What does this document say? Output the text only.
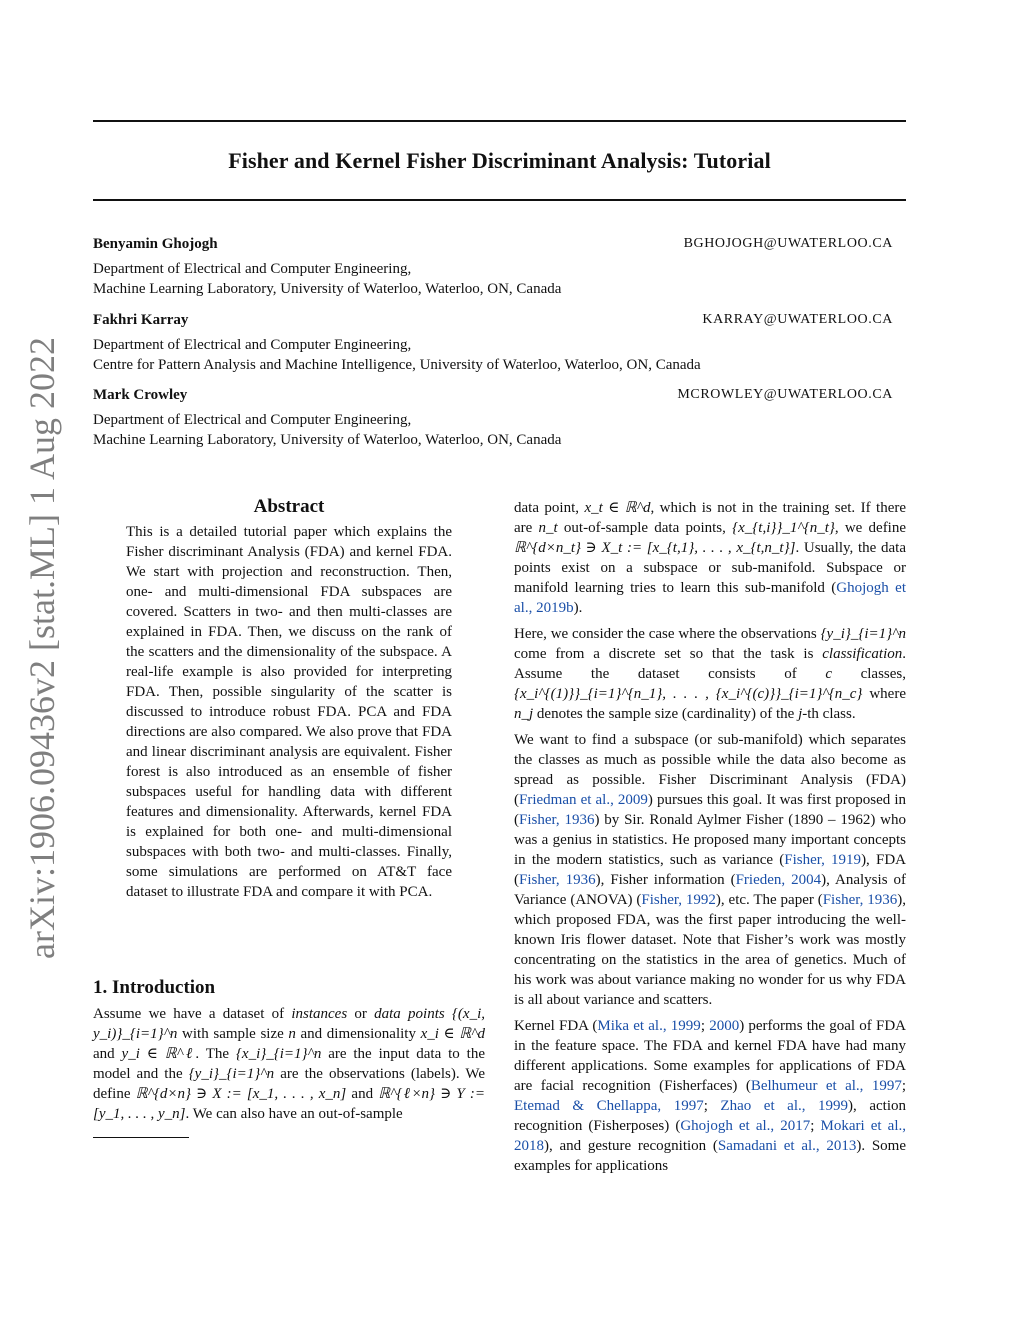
arXiv:1906.09436v2 [stat.ML] 1 Aug 2022
Fisher and Kernel Fisher Discriminant Analysis: Tutorial
Benyamin Ghojogh	BGHOJOGH@UWATERLOO.CA
Department of Electrical and Computer Engineering,
Machine Learning Laboratory, University of Waterloo, Waterloo, ON, Canada
Fakhri Karray	KARRAY@UWATERLOO.CA
Department of Electrical and Computer Engineering,
Centre for Pattern Analysis and Machine Intelligence, University of Waterloo, Waterloo, ON, Canada
Mark Crowley	MCROWLEY@UWATERLOO.CA
Department of Electrical and Computer Engineering,
Machine Learning Laboratory, University of Waterloo, Waterloo, ON, Canada
Abstract
This is a detailed tutorial paper which explains the Fisher discriminant Analysis (FDA) and kernel FDA. We start with projection and reconstruction. Then, one- and multi-dimensional FDA subspaces are covered. Scatters in two- and then multi-classes are explained in FDA. Then, we discuss on the rank of the scatters and the dimensionality of the subspace. A real-life example is also provided for interpreting FDA. Then, possible singularity of the scatter is discussed to introduce robust FDA. PCA and FDA directions are also compared. We also prove that FDA and linear discriminant analysis are equivalent. Fisher forest is also introduced as an ensemble of fisher subspaces useful for handling data with different features and dimensionality. Afterwards, kernel FDA is explained for both one- and multi-dimensional subspaces with both two- and multi-classes. Finally, some simulations are performed on AT&T face dataset to illustrate FDA and compare it with PCA.
1. Introduction
Assume we have a dataset of instances or data points {(x_i, y_i)}_{i=1}^n with sample size n and dimensionality x_i ∈ ℝ^d and y_i ∈ ℝ^ℓ. The {x_i}_{i=1}^n are the input data to the model and the {y_i}_{i=1}^n are the observations (labels). We define ℝ^{d×n} ∋ X := [x_1, . . . , x_n] and ℝ^{ℓ×n} ∋ Y := [y_1, . . . , y_n]. We can also have an out-of-sample

data point, x_t ∈ ℝ^d, which is not in the training set. If there are n_t out-of-sample data points, {x_{t,i}}_1^{n_t}, we define ℝ^{d×n_t} ∋ X_t := [x_{t,1}, . . . , x_{t,n_t}]. Usually, the data points exist on a subspace or sub-manifold. Subspace or manifold learning tries to learn this sub-manifold (Ghojogh et al., 2019b).

Here, we consider the case where the observations {y_i}_{i=1}^n come from a discrete set so that the task is classification. Assume the dataset consists of c classes, {x_i^{(1)}}_{i=1}^{n_1}, . . . , {x_i^{(c)}}_{i=1}^{n_c} where n_j denotes the sample size (cardinality) of the j-th class.

We want to find a subspace (or sub-manifold) which separates the classes as much as possible while the data also become as spread as possible. Fisher Discriminant Analysis (FDA) (Friedman et al., 2009) pursues this goal. It was first proposed in (Fisher, 1936) by Sir. Ronald Aylmer Fisher (1890 – 1962) who was a genius in statistics. He proposed many important concepts in the modern statistics, such as variance (Fisher, 1919), FDA (Fisher, 1936), Fisher information (Frieden, 2004), Analysis of Variance (ANOVA) (Fisher, 1992), etc. The paper (Fisher, 1936), which proposed FDA, was the first paper introducing the well-known Iris flower dataset. Note that Fisher’s work was mostly concentrating on the statistics in the area of genetics. Much of his work was about variance making no wonder for us why FDA is all about variance and scatters.

Kernel FDA (Mika et al., 1999; 2000) performs the goal of FDA in the feature space. The FDA and kernel FDA have had many different applications. Some examples for applications of FDA are facial recognition (Fisherfaces) (Belhumeur et al., 1997; Etemad & Chellappa, 1997; Zhao et al., 1999), action recognition (Fisherposes) (Ghojogh et al., 2017; Mokari et al., 2018), and gesture recognition (Samadani et al., 2013). Some examples for applications
